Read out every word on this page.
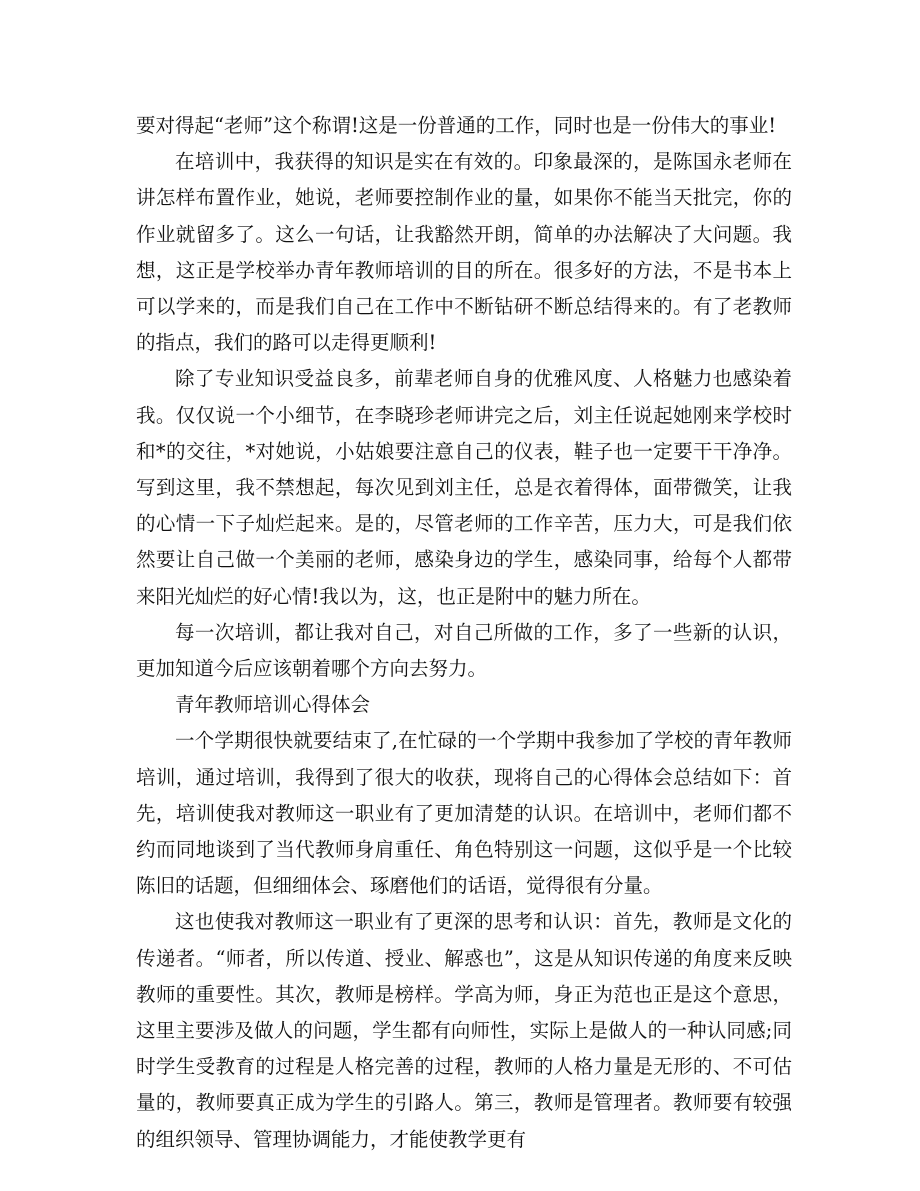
要对得起“老师”这个称谓!这是一份普通的工作，同时也是一份伟大的事业!

在培训中，我获得的知识是实在有效的。印象最深的，是陈国永老师在讲怎样布置作业，她说，老师要控制作业的量，如果你不能当天批完，你的作业就留多了。这么一句话，让我豁然开朗，简单的办法解决了大问题。我想，这正是学校举办青年教师培训的目的所在。很多好的方法，不是书本上可以学来的，而是我们自己在工作中不断钻研不断总结得来的。有了老教师的指点，我们的路可以走得更顺利!

除了专业知识受益良多，前辈老师自身的优雅风度、人格魅力也感染着我。仅仅说一个小细节，在李晓珍老师讲完之后，刘主任说起她刚来学校时和*的交往，*对她说，小姑娘要注意自己的仪表，鞋子也一定要干干净净。写到这里，我不禁想起，每次见到刘主任，总是衣着得体，面带微笑，让我的心情一下子灿烂起来。是的，尽管老师的工作辛苦，压力大，可是我们依然要让自己做一个美丽的老师，感染身边的学生，感染同事，给每个人都带来阳光灿烂的好心情!我以为，这，也正是附中的魅力所在。

每一次培训，都让我对自己，对自己所做的工作，多了一些新的认识，更加知道今后应该朝着哪个方向去努力。

青年教师培训心得体会

一个学期很快就要结束了,在忙碌的一个学期中我参加了学校的青年教师培训，通过培训，我得到了很大的收获，现将自己的心得体会总结如下：首先，培训使我对教师这一职业有了更加清楚的认识。在培训中，老师们都不约而同地谈到了当代教师身肩重任、角色特别这一问题，这似乎是一个比较陈旧的话题，但细细体会、琢磨他们的话语，觉得很有分量。

这也使我对教师这一职业有了更深的思考和认识：首先，教师是文化的传递者。“师者，所以传道、授业、解惑也”，这是从知识传递的角度来反映教师的重要性。其次，教师是榜样。学高为师，身正为范也正是这个意思，这里主要涉及做人的问题，学生都有向师性，实际上是做人的一种认同感;同时学生受教育的过程是人格完善的过程，教师的人格力量是无形的、不可估量的，教师要真正成为学生的引路人。第三，教师是管理者。教师要有较强的组织领导、管理协调能力，才能使教学更有
